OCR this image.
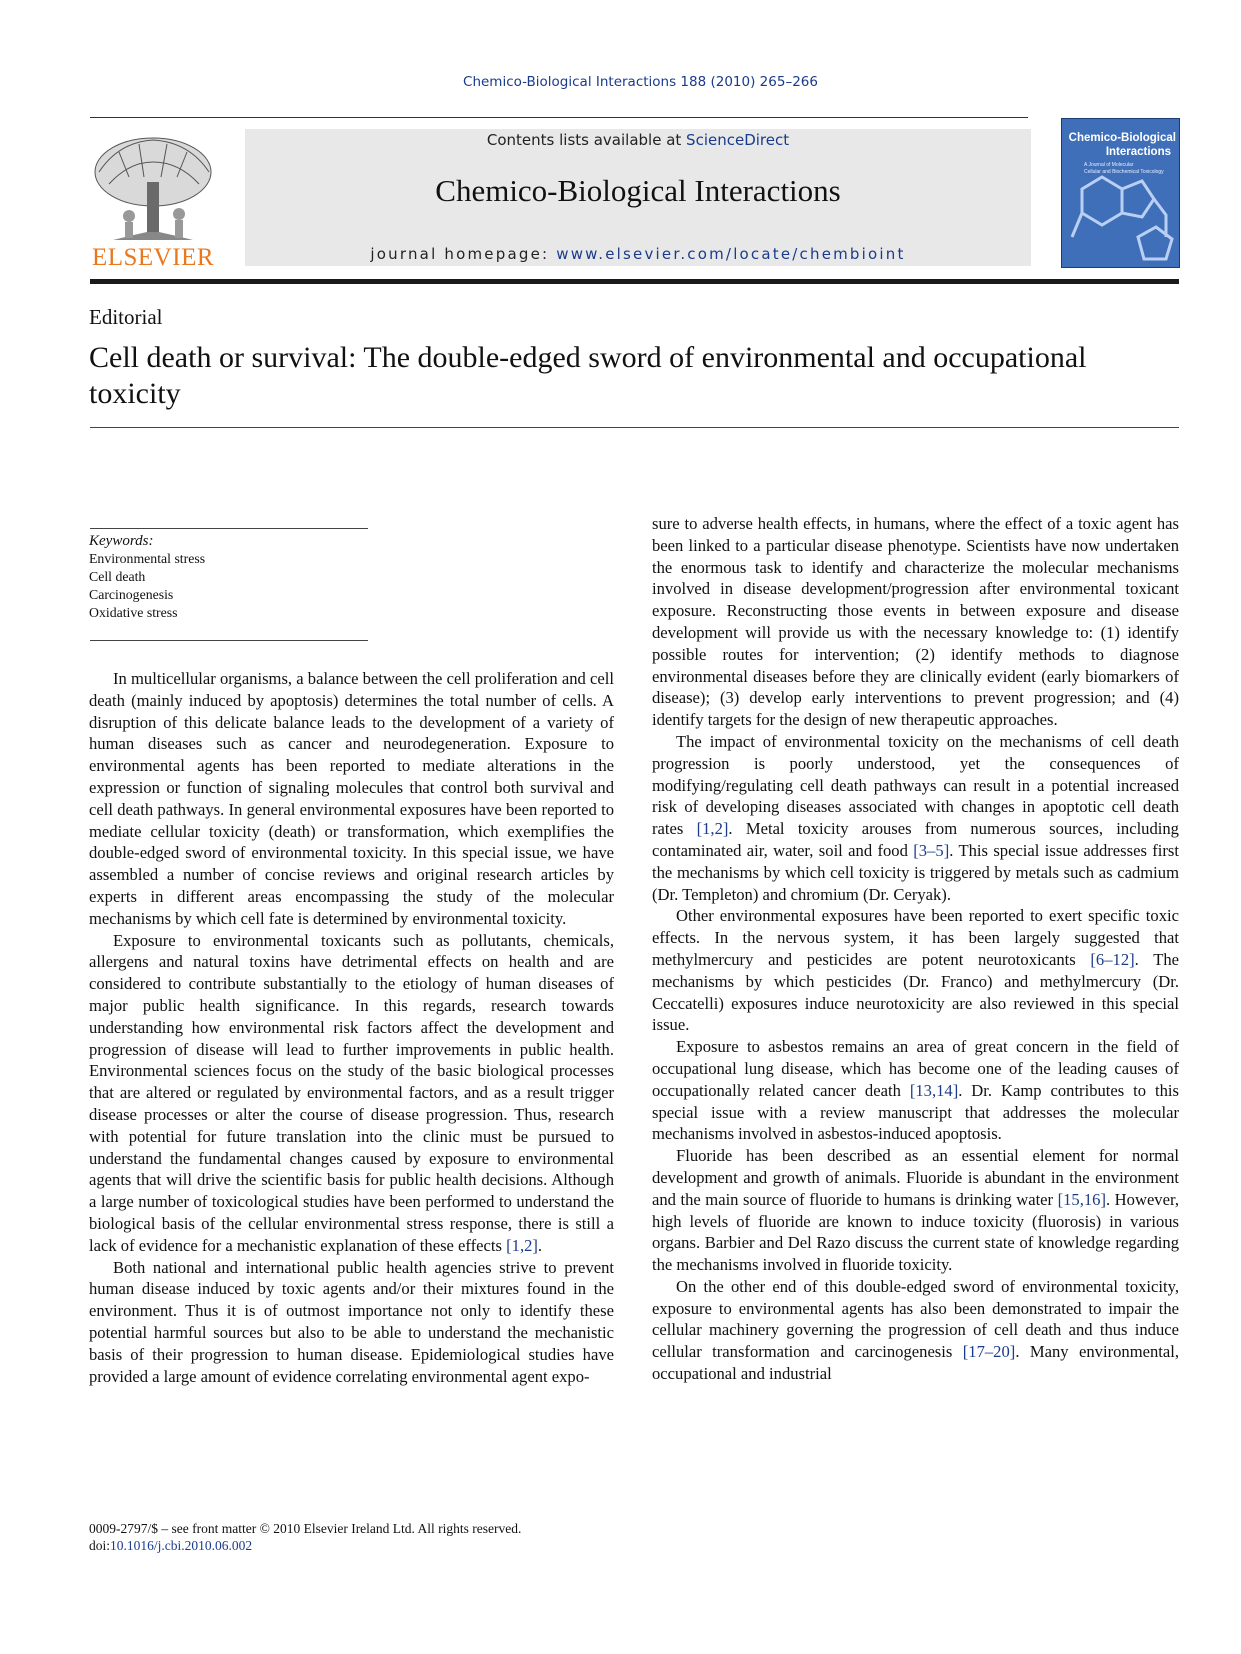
Chemico-Biological Interactions 188 (2010) 265–266
ELSEVIER
Contents lists available at ScienceDirect
Chemico-Biological Interactions
journal homepage: www.elsevier.com/locate/chembioint
Chemico-Biological
Interactions
A Journal of Molecular
Cellular and Biochemical Toxicology
Editorial
Cell death or survival: The double-edged sword of environmental and occupational toxicity
Keywords:
Environmental stress
Cell death
Carcinogenesis
Oxidative stress

In multicellular organisms, a balance between the cell proliferation and cell death (mainly induced by apoptosis) determines the total number of cells. A disruption of this delicate balance leads to the development of a variety of human diseases such as cancer and neurodegeneration. Exposure to environmental agents has been reported to mediate alterations in the expression or function of signaling molecules that control both survival and cell death pathways. In general environmental exposures have been reported to mediate cellular toxicity (death) or transformation, which exemplifies the double-edged sword of environmental toxicity. In this special issue, we have assembled a number of concise reviews and original research articles by experts in different areas encompassing the study of the molecular mechanisms by which cell fate is determined by environmental toxicity.

Exposure to environmental toxicants such as pollutants, chemicals, allergens and natural toxins have detrimental effects on health and are considered to contribute substantially to the etiology of human diseases of major public health significance. In this regards, research towards understanding how environmental risk factors affect the development and progression of disease will lead to further improvements in public health. Environmental sciences focus on the study of the basic biological processes that are altered or regulated by environmental factors, and as a result trigger disease processes or alter the course of disease progression. Thus, research with potential for future translation into the clinic must be pursued to understand the fundamental changes caused by exposure to environmental agents that will drive the scientific basis for public health decisions. Although a large number of toxicological studies have been performed to understand the biological basis of the cellular environmental stress response, there is still a lack of evidence for a mechanistic explanation of these effects [1,2].

Both national and international public health agencies strive to prevent human disease induced by toxic agents and/or their mixtures found in the environment. Thus it is of outmost importance not only to identify these potential harmful sources but also to be able to understand the mechanistic basis of their progression to human disease. Epidemiological studies have provided a large amount of evidence correlating environmental agent expo-

sure to adverse health effects, in humans, where the effect of a toxic agent has been linked to a particular disease phenotype. Scientists have now undertaken the enormous task to identify and characterize the molecular mechanisms involved in disease development/progression after environmental toxicant exposure. Reconstructing those events in between exposure and disease development will provide us with the necessary knowledge to: (1) identify possible routes for intervention; (2) identify methods to diagnose environmental diseases before they are clinically evident (early biomarkers of disease); (3) develop early interventions to prevent progression; and (4) identify targets for the design of new therapeutic approaches.

The impact of environmental toxicity on the mechanisms of cell death progression is poorly understood, yet the consequences of modifying/regulating cell death pathways can result in a potential increased risk of developing diseases associated with changes in apoptotic cell death rates [1,2]. Metal toxicity arouses from numerous sources, including contaminated air, water, soil and food [3–5]. This special issue addresses first the mechanisms by which cell toxicity is triggered by metals such as cadmium (Dr. Templeton) and chromium (Dr. Ceryak).

Other environmental exposures have been reported to exert specific toxic effects. In the nervous system, it has been largely suggested that methylmercury and pesticides are potent neurotoxicants [6–12]. The mechanisms by which pesticides (Dr. Franco) and methylmercury (Dr. Ceccatelli) exposures induce neurotoxicity are also reviewed in this special issue.

Exposure to asbestos remains an area of great concern in the field of occupational lung disease, which has become one of the leading causes of occupationally related cancer death [13,14]. Dr. Kamp contributes to this special issue with a review manuscript that addresses the molecular mechanisms involved in asbestos-induced apoptosis.

Fluoride has been described as an essential element for normal development and growth of animals. Fluoride is abundant in the environment and the main source of fluoride to humans is drinking water [15,16]. However, high levels of fluoride are known to induce toxicity (fluorosis) in various organs. Barbier and Del Razo discuss the current state of knowledge regarding the mechanisms involved in fluoride toxicity.

On the other end of this double-edged sword of environmental toxicity, exposure to environmental agents has also been demonstrated to impair the cellular machinery governing the progression of cell death and thus induce cellular transformation and carcinogenesis [17–20]. Many environmental, occupational and industrial

0009-2797/$ – see front matter © 2010 Elsevier Ireland Ltd. All rights reserved.
doi:10.1016/j.cbi.2010.06.002
